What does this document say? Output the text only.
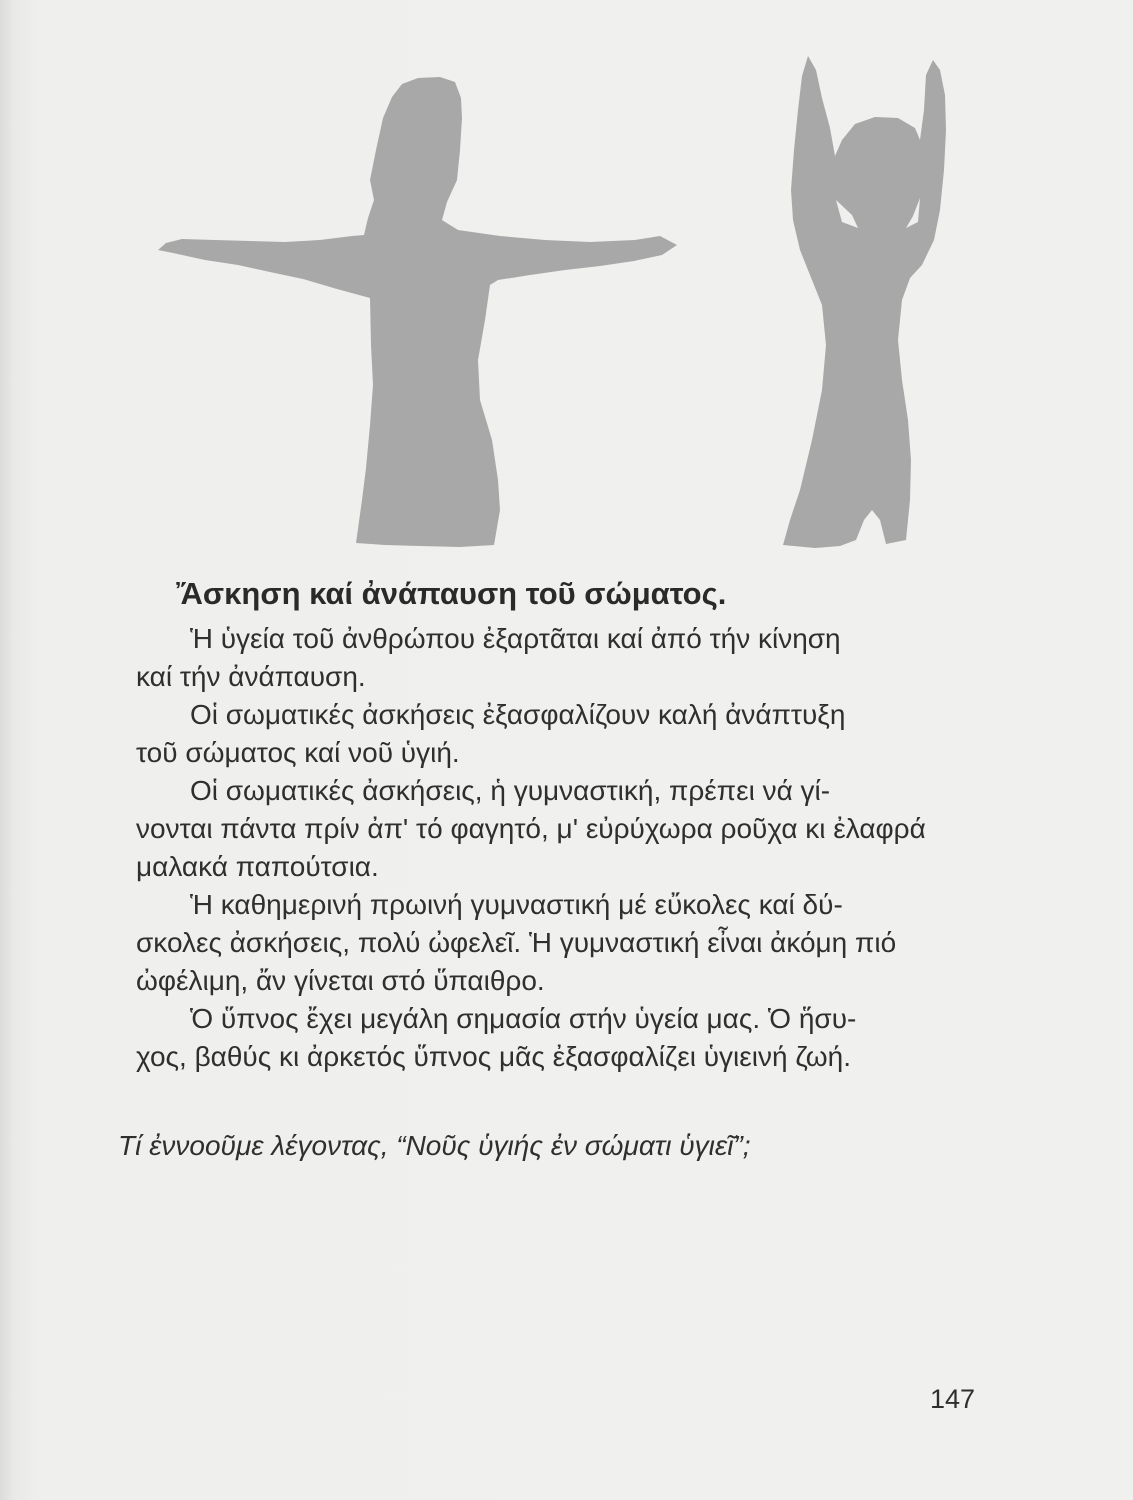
Ἄσκηση καί ἀνάπαυση τοῦ σώματος.

Ἡ ὑγεία τοῦ ἀνθρώπου ἐξαρτᾶται καί ἀπό τήν κίνηση
καί τήν ἀνάπαυση.

Οἱ σωματικές ἀσκήσεις ἐξασφαλίζουν καλή ἀνάπτυξη
τοῦ σώματος καί νοῦ ὑγιή.

Οἱ σωματικές ἀσκήσεις, ἡ γυμναστική, πρέπει νά γί-
νονται πάντα πρίν ἀπ' τό φαγητό, μ' εὐρύχωρα ροῦχα κι ἐλαφρά μαλακά παπούτσια.

Ἡ καθημερινή πρωινή γυμναστική μέ εὔκολες καί δύ-
σκολες ἀσκήσεις, πολύ ὠφελεῖ. Ἡ γυμναστική εἶναι ἀκόμη πιό ὠφέλιμη, ἄν γίνεται στό ὕπαιθρο.

Ὁ ὕπνος ἔχει μεγάλη σημασία στήν ὑγεία μας. Ὁ ἥσυ-
χος, βαθύς κι ἀρκετός ὕπνος μᾶς ἐξασφαλίζει ὑγιεινή ζωή.

Τί ἐννοοῦμε λέγοντας, “Νοῦς ὑγιής ἐν σώματι ὑγιεῖ”;
147
